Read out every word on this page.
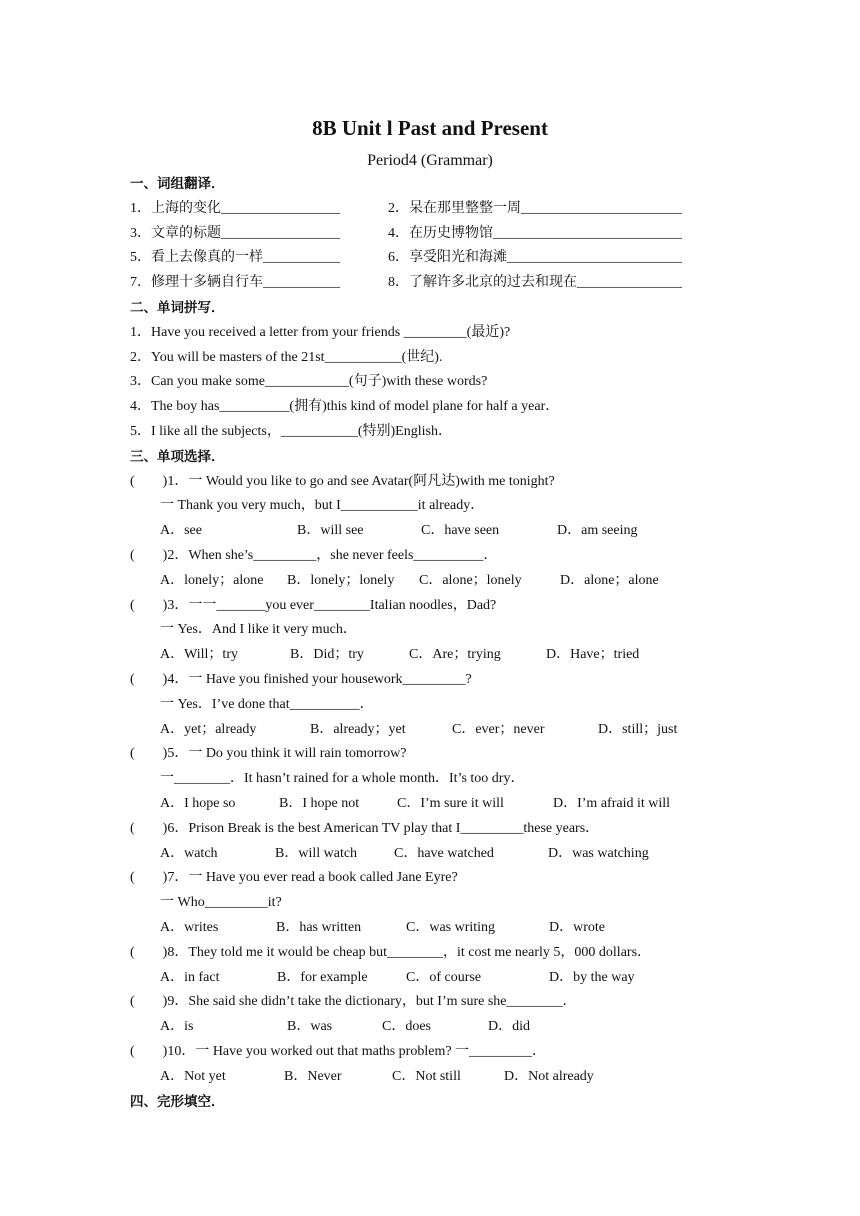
8B Unit l Past and Present
Period4 (Grammar)
一、词组翻译．
1．上海的变化_________________	2．呆在那里整整一周_______________________
3．文章的标题_________________	4．在历史博物馆___________________________
5．看上去像真的一样___________	6．享受阳光和海滩_________________________
7．修理十多辆自行车___________	8．了解许多北京的过去和现在_______________
二、单词拼写．
1．Have you received a letter from your friends _________(最近)?
2．You will be masters of the 21st___________(世纪).
3．Can you make some____________(句子)with these words?
4．The boy has__________(拥有)this kind of model plane for half a year．
5．I like all the subjects，___________(特别)English．
三、单项选择．
(        )1．一 Would you like to go and see Avatar(阿凡达)with me tonight?
一 Thank you very much，but I___________it already．
A．see	B．will see	C．have seen	D．am seeing
(        )2．When she’s_________，she never feels__________．
A．lonely；alone B．lonely；lonely C．alone；lonely	D．alone；alone
(        )3．一一_______you ever________Italian noodles，Dad?
一 Yes．And I like it very much．
A．Will；try	B．Did；try	C．Are；trying	D．Have；tried
(        )4．一 Have you finished your housework_________?
一 Yes．I’ve done that__________．
A．yet；already	B．already；yet	C．ever；never	D．still；just
(        )5．一 Do you think it will rain tomorrow?
一________．It hasn’t rained for a whole month．It’s too dry．
A．I hope so	B．I hope not	C．I’m sure it will	D．I’m afraid it will
(        )6．Prison Break is the best American TV play that I_________these years．
A．watch	B．will watch	C．have watched	D．was watching
(        )7．一 Have you ever read a book called Jane Eyre?
一 Who_________it?
A．writes	B．has written	C．was writing	D．wrote
(        )8．They told me it would be cheap but________，it cost me nearly 5，000 dollars．
A．in fact	B．for example	C．of course	D．by the way
(        )9．She said she didn’t take the dictionary，but I’m sure she________．
A．is	B．was	C．does	D．did
(        )10．一 Have you worked out that maths problem? 一_________．
A．Not yet	B．Never	C．Not still	D．Not already
四、完形填空．
